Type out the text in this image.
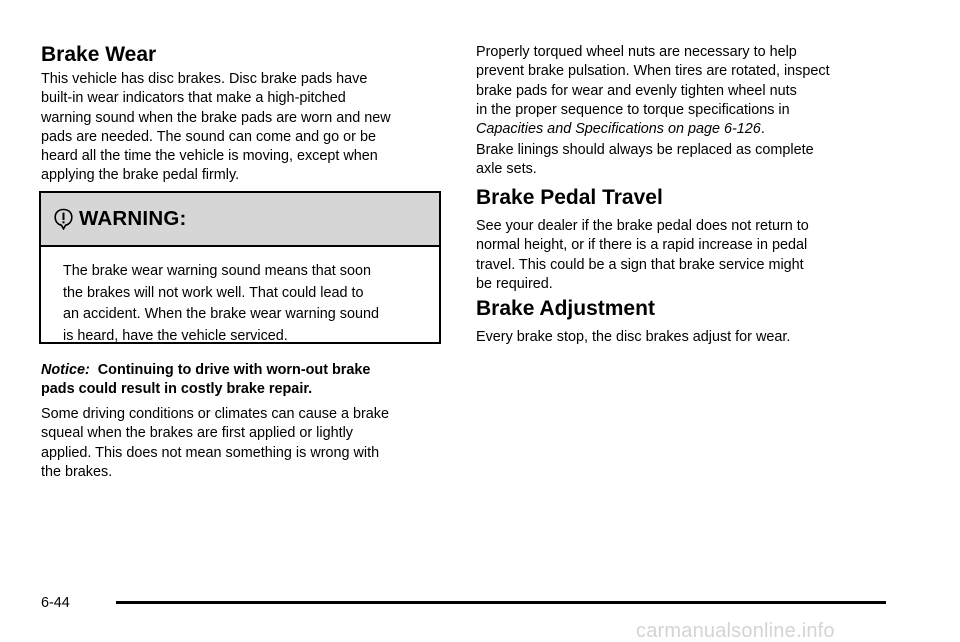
Brake Wear

This vehicle has disc brakes. Disc brake pads have
built-in wear indicators that make a high-pitched
warning sound when the brake pads are worn and new
pads are needed. The sound can come and go or be
heard all the time the vehicle is moving, except when
applying the brake pedal firmly.

WARNING:

The brake wear warning sound means that soon
the brakes will not work well. That could lead to
an accident. When the brake wear warning sound
is heard, have the vehicle serviced.

Notice: Continuing to drive with worn-out brake
pads could result in costly brake repair.

Some driving conditions or climates can cause a brake
squeal when the brakes are first applied or lightly
applied. This does not mean something is wrong with
the brakes.

Properly torqued wheel nuts are necessary to help
prevent brake pulsation. When tires are rotated, inspect
brake pads for wear and evenly tighten wheel nuts
in the proper sequence to torque specifications in
Capacities and Specifications on page 6-126.

Brake linings should always be replaced as complete
axle sets.

Brake Pedal Travel

See your dealer if the brake pedal does not return to
normal height, or if there is a rapid increase in pedal
travel. This could be a sign that brake service might
be required.

Brake Adjustment

Every brake stop, the disc brakes adjust for wear.

6-44
carmanualsonline.info
